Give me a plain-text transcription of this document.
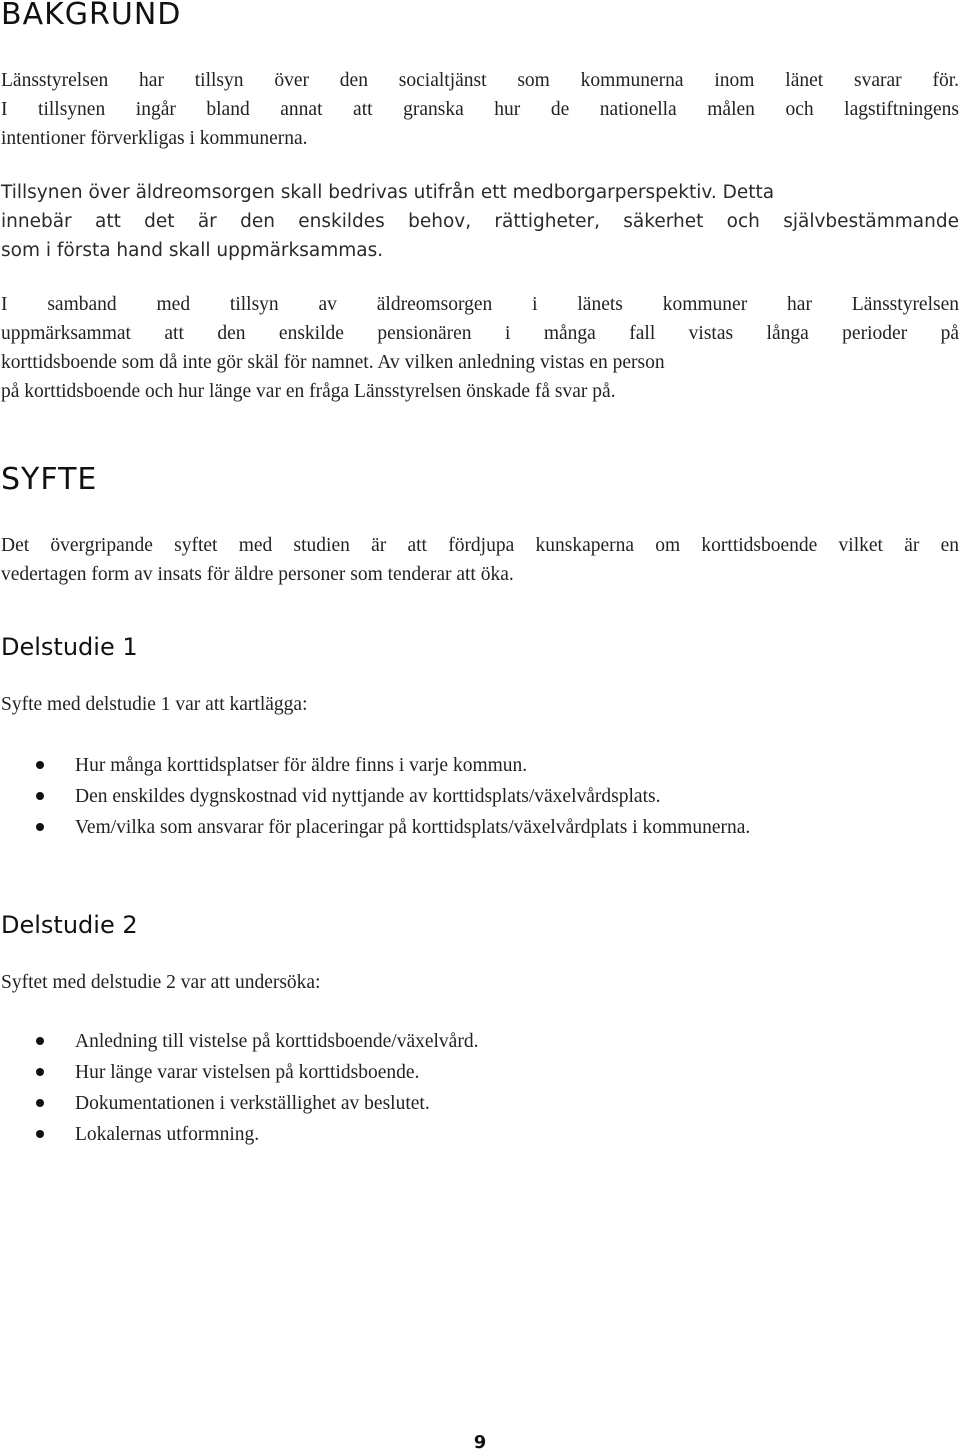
BAKGRUND

Länsstyrelsen har tillsyn över den socialtjänst som kommunerna inom länet svarar för.
I tillsynen ingår bland annat att granska hur de nationella målen och lagstiftningens
intentioner förverkligas i kommunerna.

Tillsynen över äldreomsorgen skall bedrivas utifrån ett medborgarperspektiv. Detta
innebär att det är den enskildes behov, rättigheter, säkerhet och självbestämmande
som i första hand skall uppmärksammas.

I samband med tillsyn av äldreomsorgen i länets kommuner har Länsstyrelsen
uppmärksammat att den enskilde pensionären i många fall vistas långa perioder på
korttidsboende som då inte gör skäl för namnet. Av vilken anledning vistas en person
på korttidsboende och hur länge var en fråga Länsstyrelsen önskade få svar på.

SYFTE

Det övergripande syftet med studien är att fördjupa kunskaperna om korttidsboende vilket är en
vedertagen form av insats för äldre personer som tenderar att öka.

Delstudie 1

Syfte med delstudie 1 var att kartlägga:

Hur många korttidsplatser för äldre finns i varje kommun.
Den enskildes dygnskostnad vid nyttjande av korttidsplats/växelvårdsplats.
Vem/vilka som ansvarar för placeringar på korttidsplats/växelvårdplats i kommunerna.
Delstudie 2

Syftet med delstudie 2 var att undersöka:

Anledning till vistelse på korttidsboende/växelvård.
Hur länge varar vistelsen på korttidsboende.
Dokumentationen i verkställighet av beslutet.
Lokalernas utformning.
9
